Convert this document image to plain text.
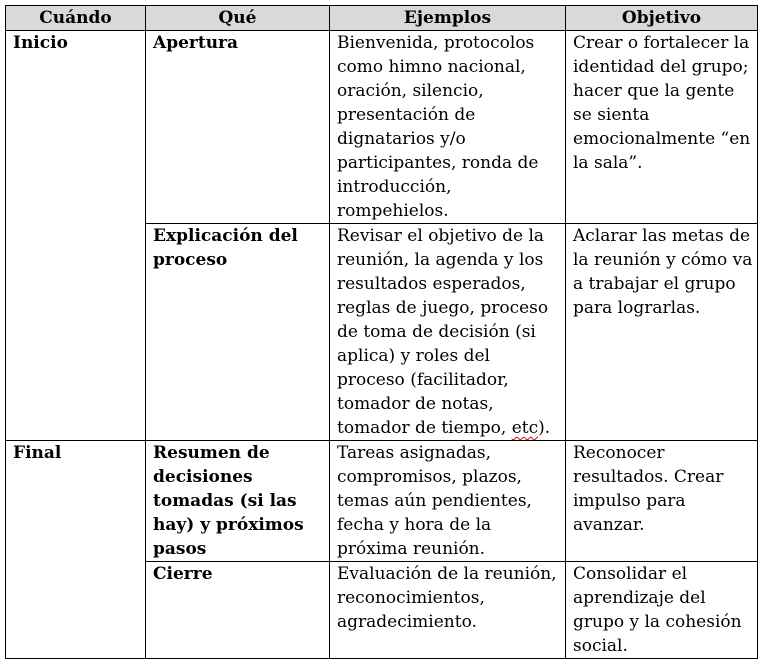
Cuándo	Qué	Ejemplos	Objetivo
Inicio	Apertura	Bienvenida, protocolos como himno nacional, oración, silencio, presentación de dignatarios y/o participantes, ronda de introducción, rompehielos.	Crear o fortalecer la identidad del grupo; hacer que la gente se sienta emocionalmente “en la sala”.
	Explicación del proceso	Revisar el objetivo de la reunión, la agenda y los resultados esperados, reglas de juego, proceso de toma de decisión (si aplica) y roles del proceso (facilitador, tomador de notas, tomador de tiempo, etc).	Aclarar las metas de la reunión y cómo va a trabajar el grupo para lograrlas.
Final	Resumen de decisiones tomadas (si las hay) y próximos pasos	Tareas asignadas, compromisos, plazos, temas aún pendientes, fecha y hora de la próxima reunión.	Reconocer resultados. Crear impulso para avanzar.
	Cierre	Evaluación de la reunión, reconocimientos, agradecimiento.	Consolidar el aprendizaje del grupo y la cohesión social.
